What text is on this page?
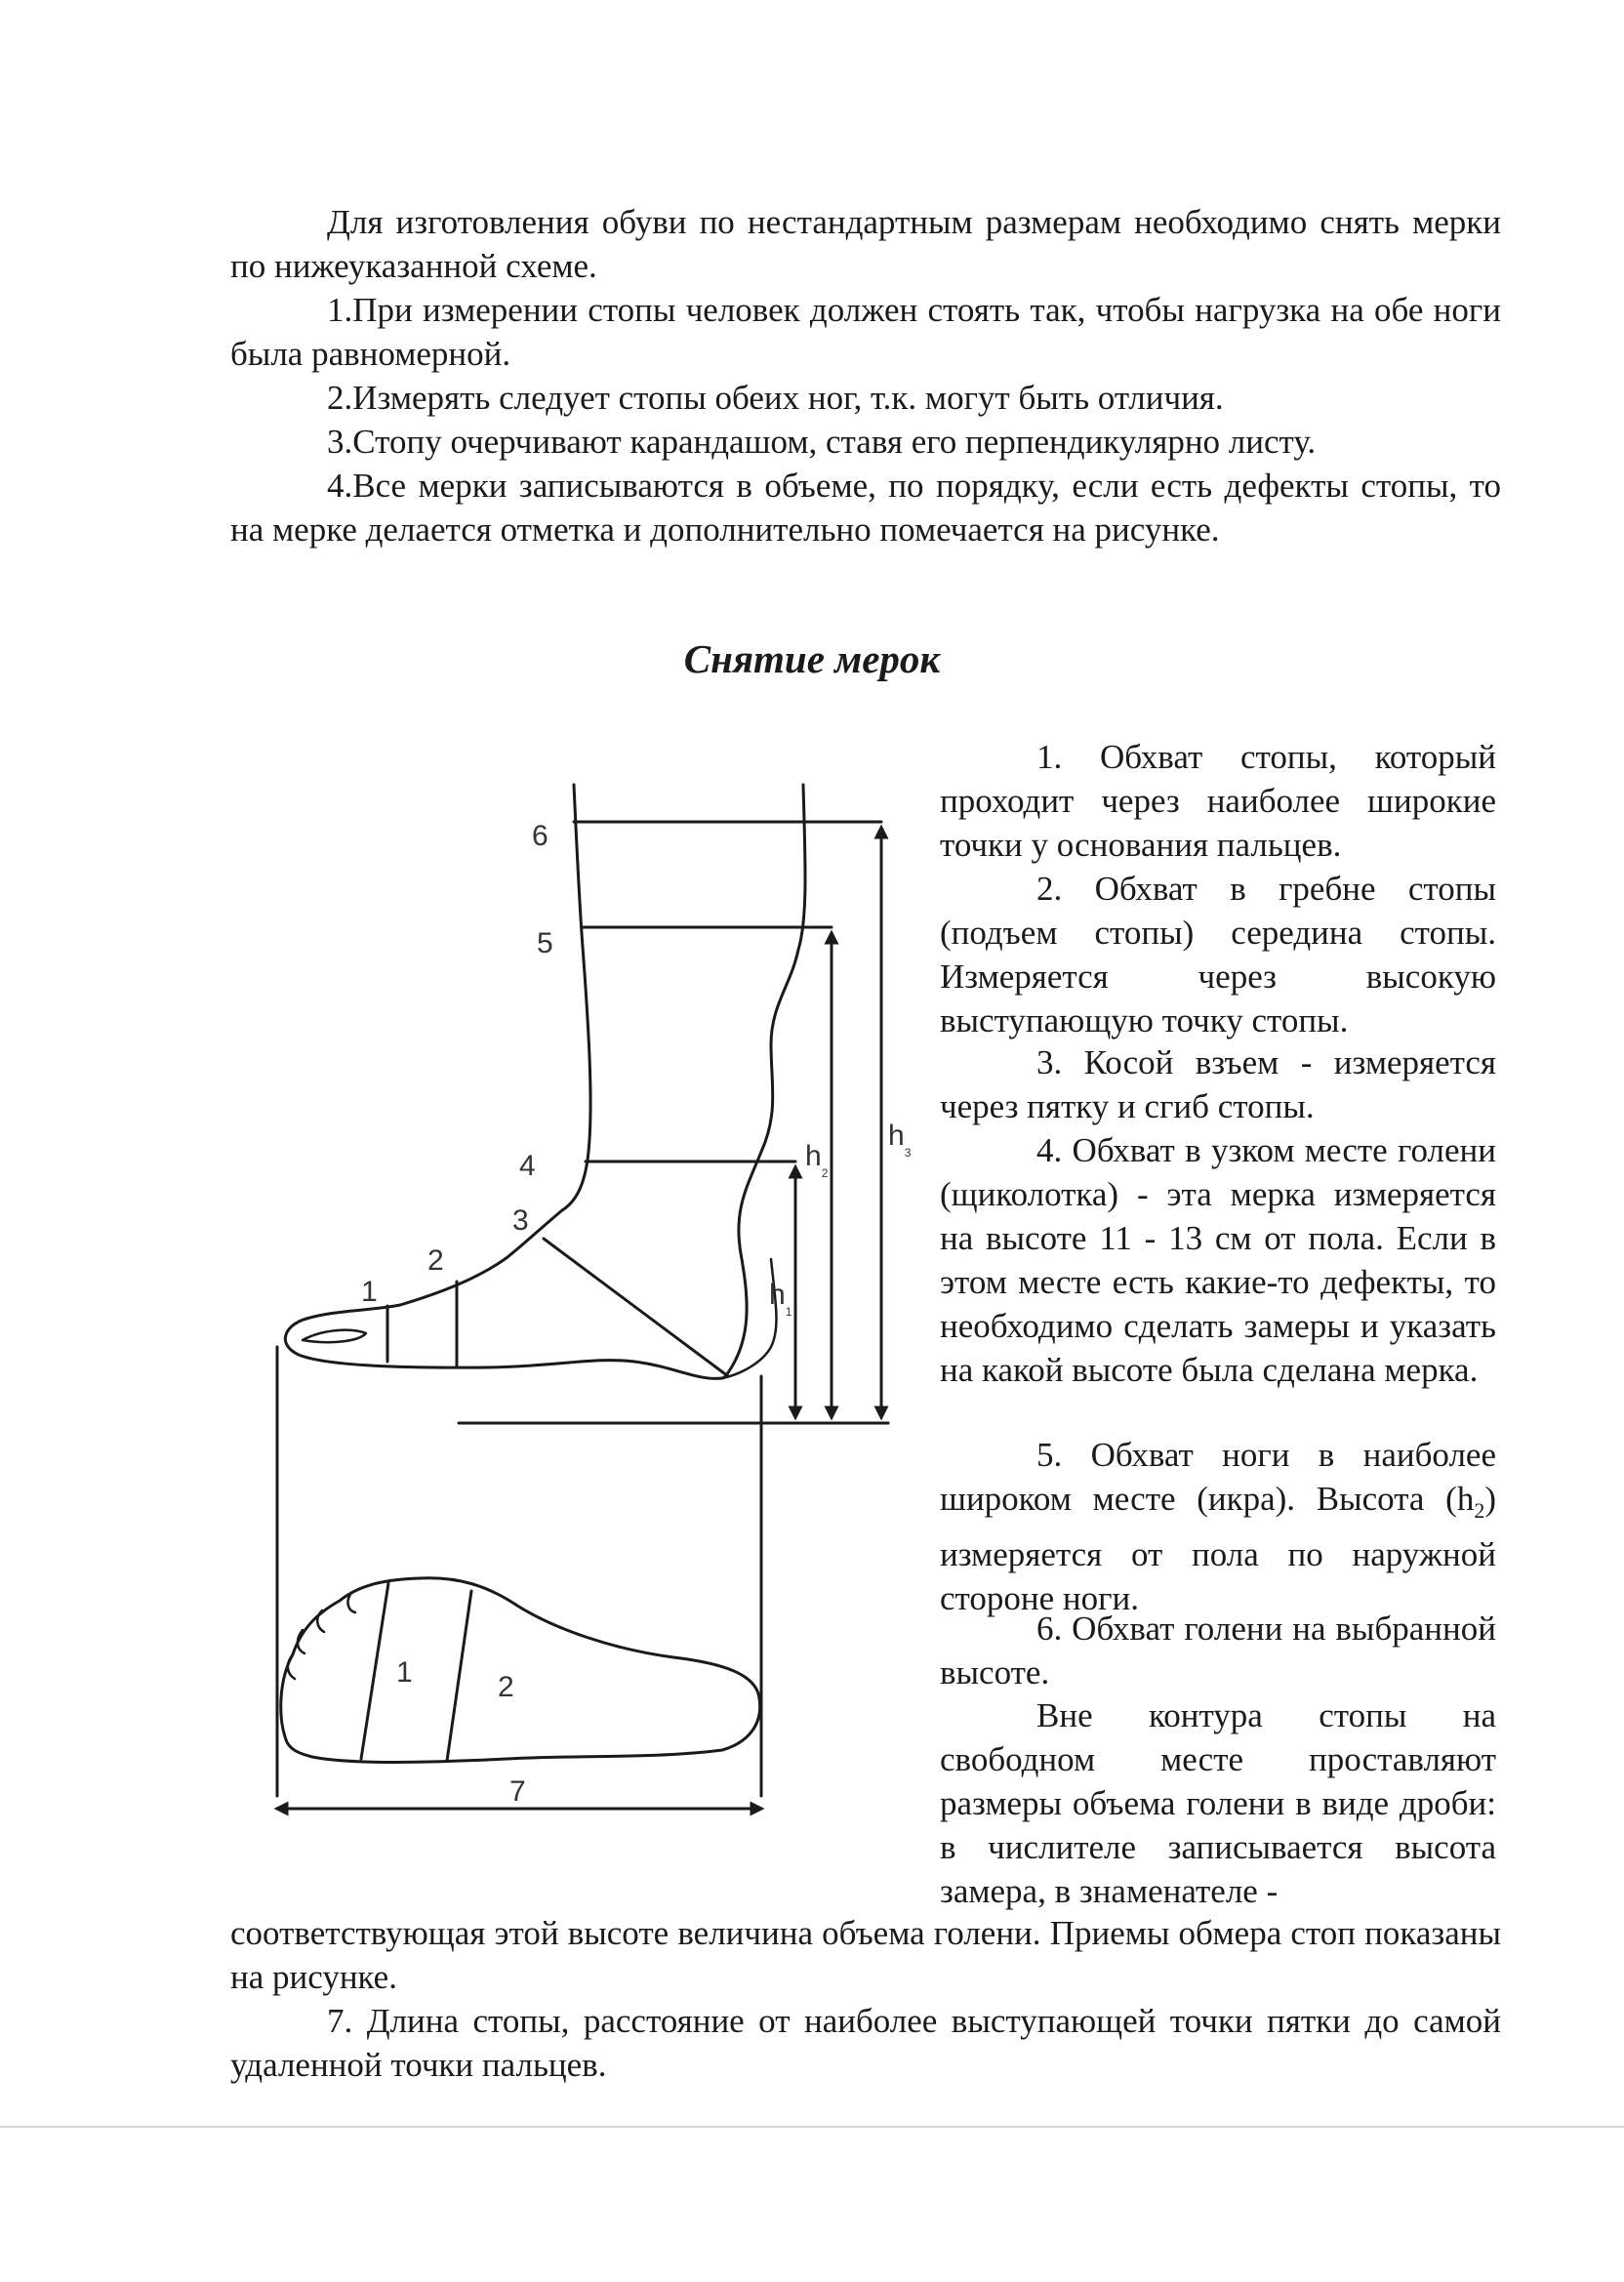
Для изготовления обуви по нестандартным размерам необходимо снять мерки по нижеуказанной схеме.

1.При измерении стопы человек должен стоять так, чтобы нагрузка на обе ноги была равномерной.

2.Измерять следует стопы обеих ног, т.к. могут быть отличия.

3.Стопу очерчивают карандашом, ставя его перпендикулярно листу.

4.Все мерки записываются в объеме, по порядку, если есть дефекты стопы, то на мерке делается отметка и дополнительно помечается на рисунке.

Снятие мерок

1. Обхват стопы, который проходит через наиболее широкие точки у основания пальцев.

2. Обхват в гребне стопы (подъем стопы) середина стопы. Измеряется через высокую выступающую точку стопы.

3. Косой взъем - измеряется через пятку и сгиб стопы.

4. Обхват в узком месте голени (щиколотка) - эта мерка измеряется на высоте 11 - 13 см от пола. Если в этом месте есть какие-то дефекты, то необходимо сделать замеры и указать на какой высоте была сделана мерка.

5. Обхват ноги в наиболее широком месте (икра). Высота $(h_2)$ измеряется от пола по наружной стороне ноги.

6. Обхват голени на выбранной высоте.

Вне контура стопы на свободном месте проставляют размеры объема голени в виде дроби: в числителе записывается высота замера, в знаменателе -

соответствующая этой высоте величина объема голени. Приемы обмера стоп показаны на рисунке.

7. Длина стопы, расстояние от наиболее выступающей точки пятки до самой удаленной точки пальцев.

1
2
3
4
5
6
$h_1$
$h_2$
$h_3$
1	2
7
